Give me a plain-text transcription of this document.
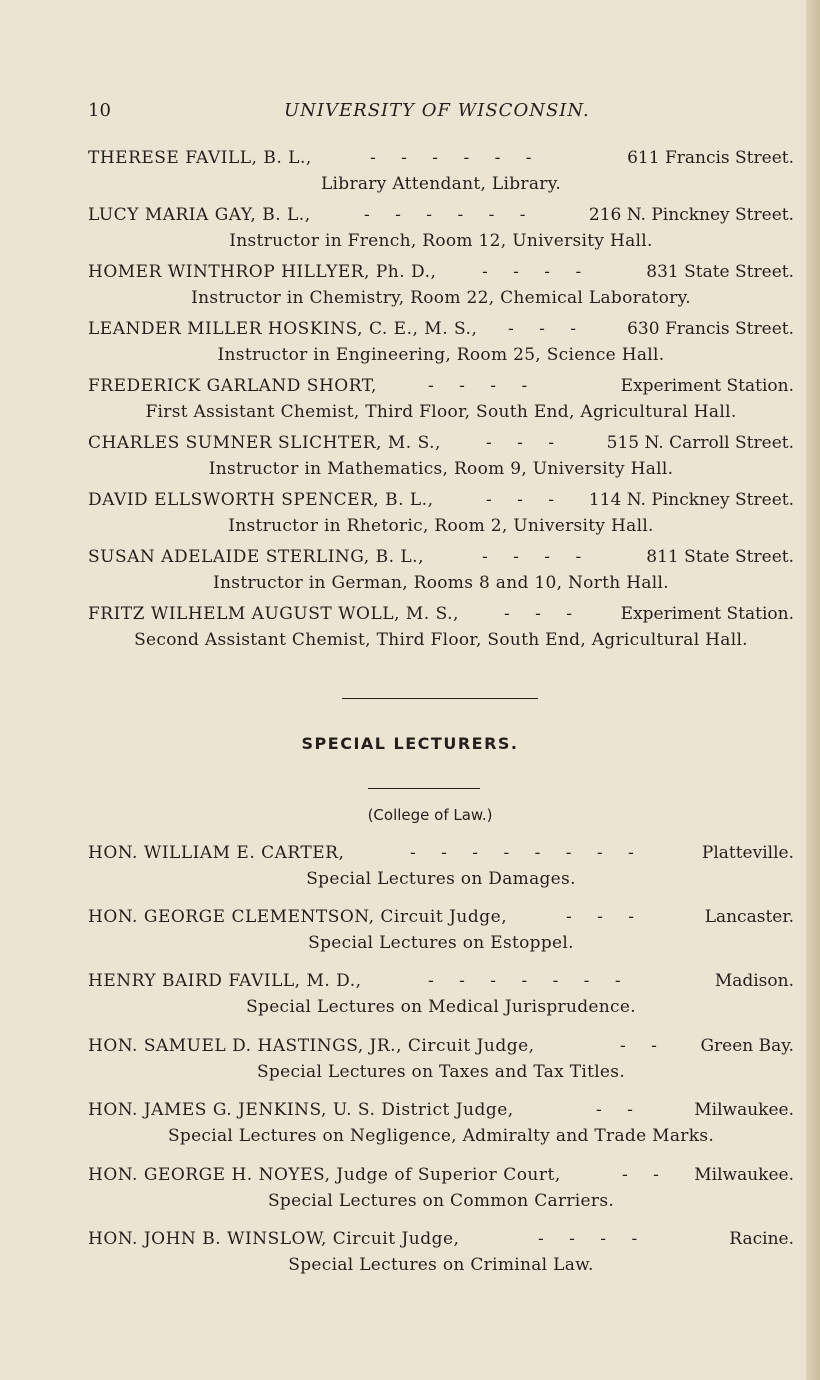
10	UNIVERSITY OF WISCONSIN.
THERESE FAVILL, B. L.,	- - - - - -	611 Francis Street.
Library Attendant, Library.
LUCY MARIA GAY, B. L.,	- - - - - -	216 N. Pinckney Street.
Instructor in French, Room 12, University Hall.
HOMER WINTHROP HILLYER, Ph. D.,	- - - -	831 State Street.
Instructor in Chemistry, Room 22, Chemical Laboratory.
LEANDER MILLER HOSKINS, C. E., M. S., - - - 630 Francis Street.
Instructor in Engineering, Room 25, Science Hall.
FREDERICK GARLAND SHORT,	- - - -	Experiment Station.
First Assistant Chemist, Third Floor, South End, Agricultural Hall.
CHARLES SUMNER SLICHTER, M. S.,	- - -	515 N. Carroll Street.
Instructor in Mathematics, Room 9, University Hall.
DAVID ELLSWORTH SPENCER, B. L.,	- - - 114 N. Pinckney Street.
Instructor in Rhetoric, Room 2, University Hall.
SUSAN ADELAIDE STERLING, B. L.,	- - - -	811 State Street.
Instructor in German, Rooms 8 and 10, North Hall.
FRITZ WILHELM AUGUST WOLL, M. S.,	- - - Experiment Station.
Second Assistant Chemist, Third Floor, South End, Agricultural Hall.
SPECIAL LECTURERS.
(College of Law.)
HON. WILLIAM E. CARTER,	- - - - - - - -	Platteville.
Special Lectures on Damages.
HON. GEORGE CLEMENTSON, Circuit Judge,	- - -	Lancaster.
Special Lectures on Estoppel.
HENRY BAIRD FAVILL, M. D.,	- - - - - - -	Madison.
Special Lectures on Medical Jurisprudence.
HON. SAMUEL D. HASTINGS, JR., Circuit Judge,	- - Green Bay.
Special Lectures on Taxes and Tax Titles.
HON. JAMES G. JENKINS, U. S. District Judge,	- -	Milwaukee.
Special Lectures on Negligence, Admiralty and Trade Marks.
HON. GEORGE H. NOYES, Judge of Superior Court,	- - Milwaukee.
Special Lectures on Common Carriers.
HON. JOHN B. WINSLOW, Circuit Judge,	- - - -	Racine.
Special Lectures on Criminal Law.
